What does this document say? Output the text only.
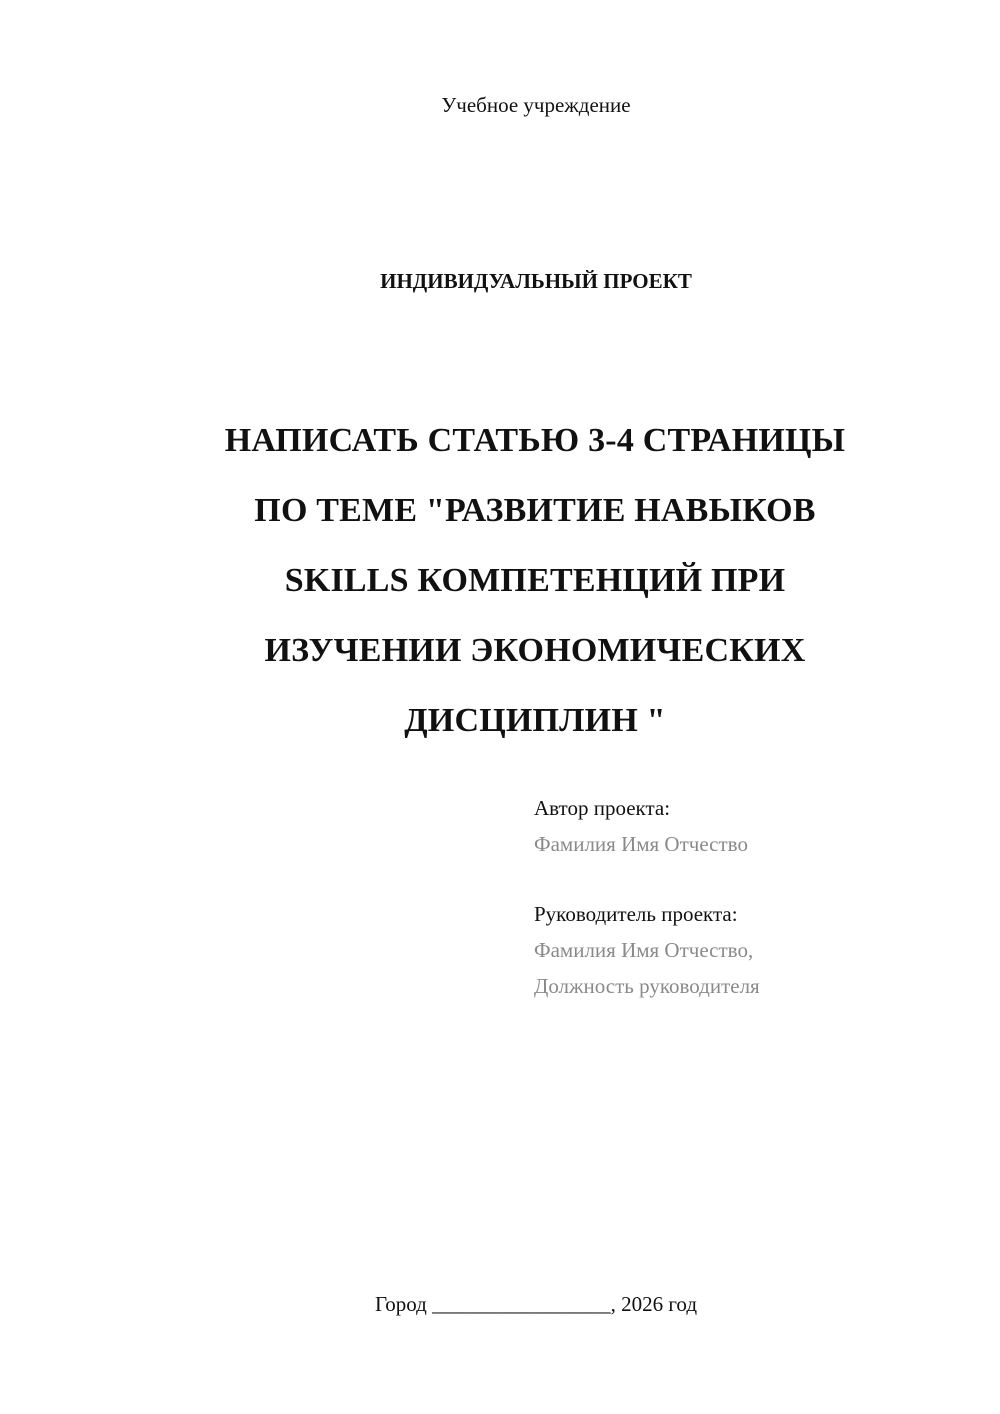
Учебное учреждение
ИНДИВИДУАЛЬНЫЙ ПРОЕКТ

НАПИСАТЬ СТАТЬЮ 3-4 СТРАНИЦЫ

ПО ТЕМЕ "РАЗВИТИЕ НАВЫКОВ

SKILLS КОМПЕТЕНЦИЙ ПРИ

ИЗУЧЕНИИ ЭКОНОМИЧЕСКИХ

ДИСЦИПЛИН "

Автор проекта:
Фамилия Имя Отчество
Руководитель проекта:
Фамилия Имя Отчество,
Должность руководителя
Город _________________, 2026 год
